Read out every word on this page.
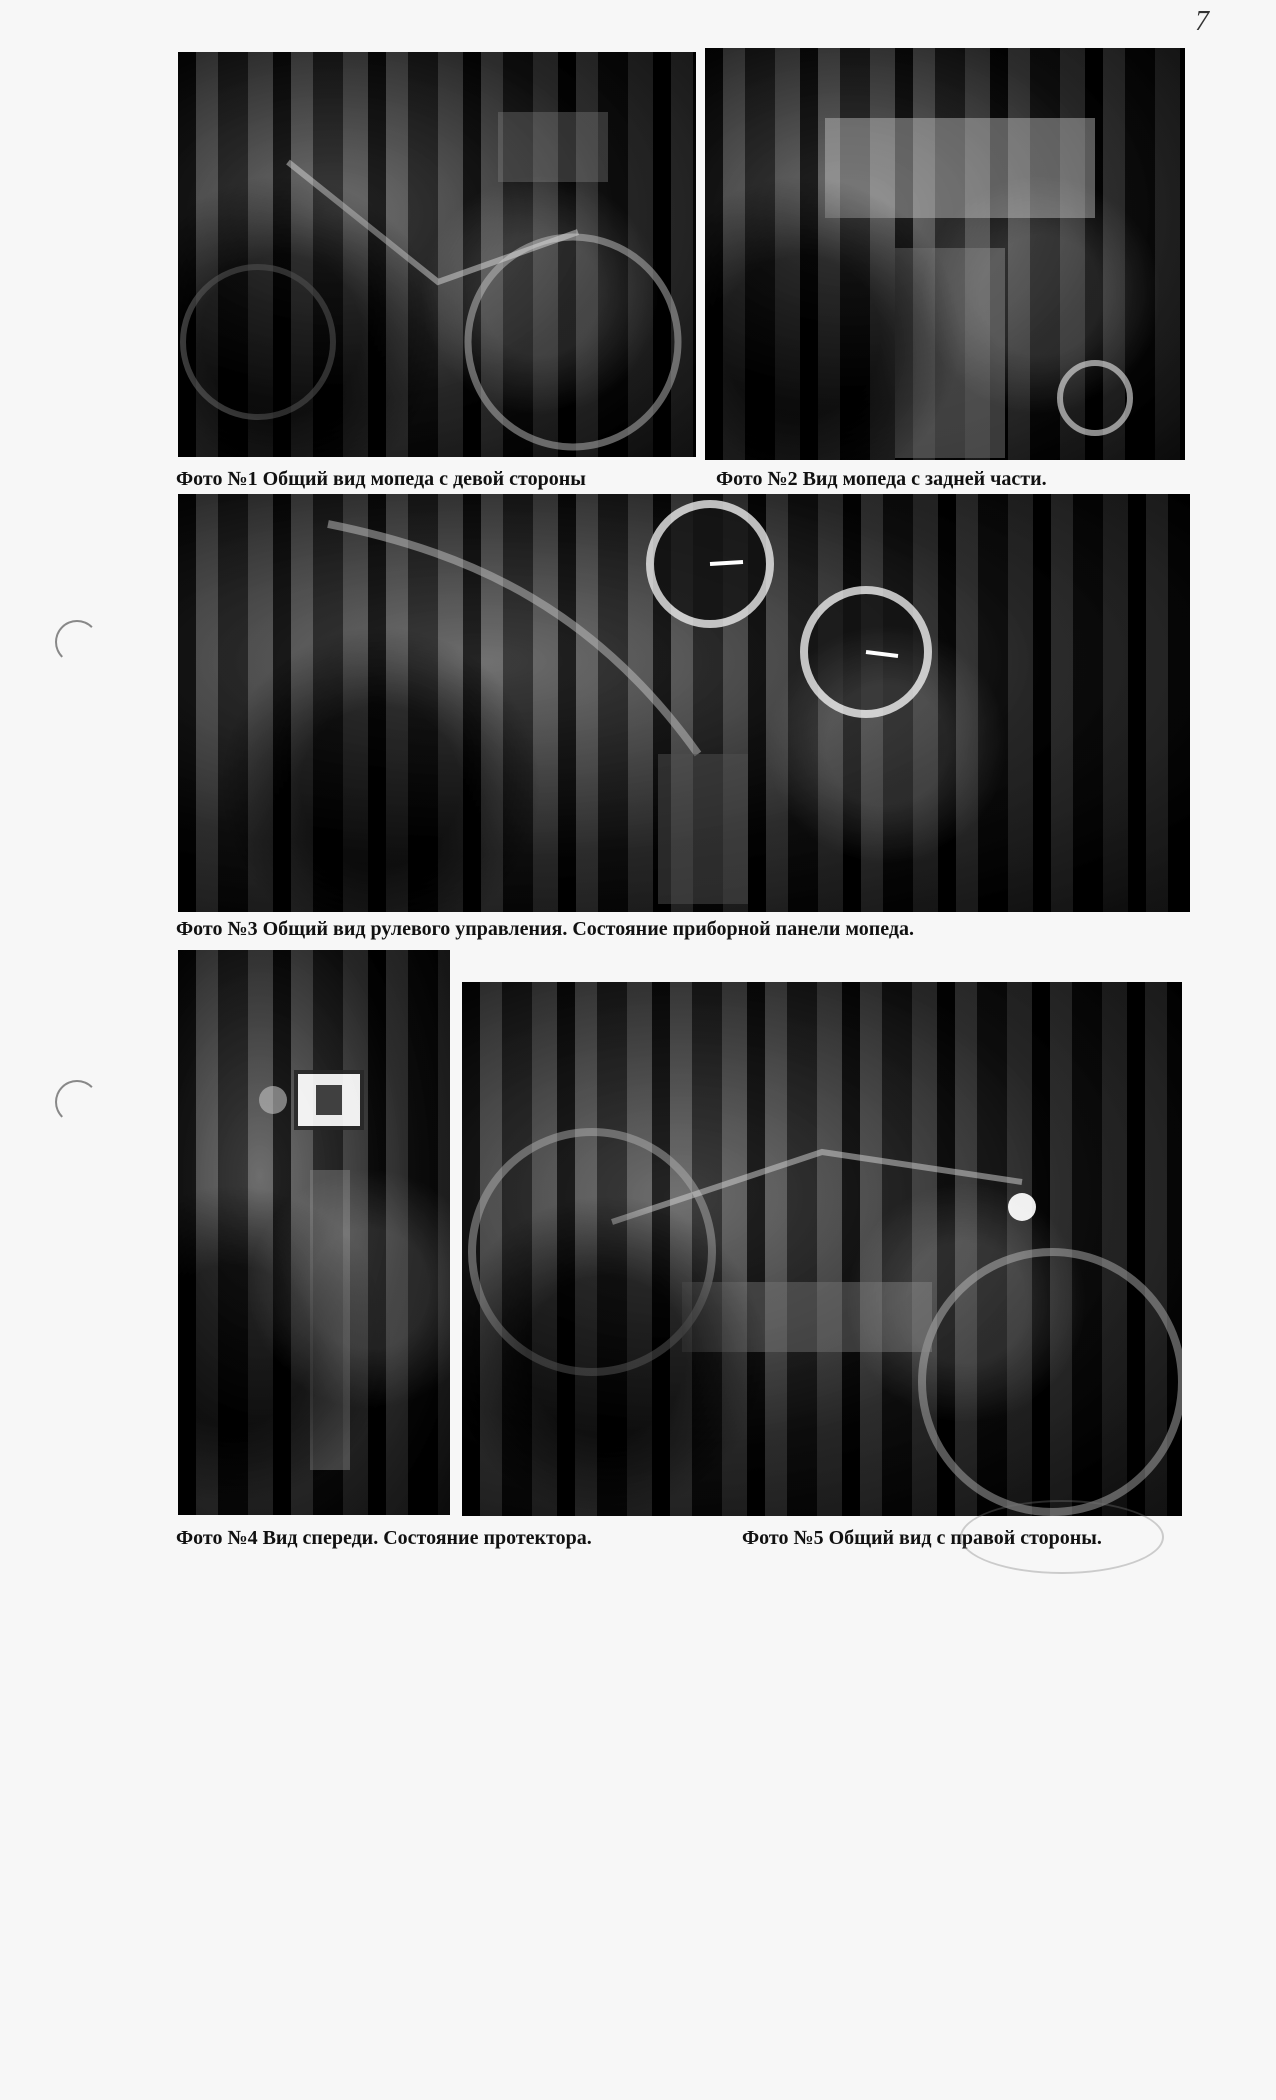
7
Фото №1 Общий вид мопеда с девой стороны	Фото №2 Вид мопеда с задней части.
Фото №3 Общий вид рулевого управления. Состояние приборной панели мопеда.
Фото №4 Вид спереди. Состояние протектора.	Фото №5 Общий вид с правой стороны.
